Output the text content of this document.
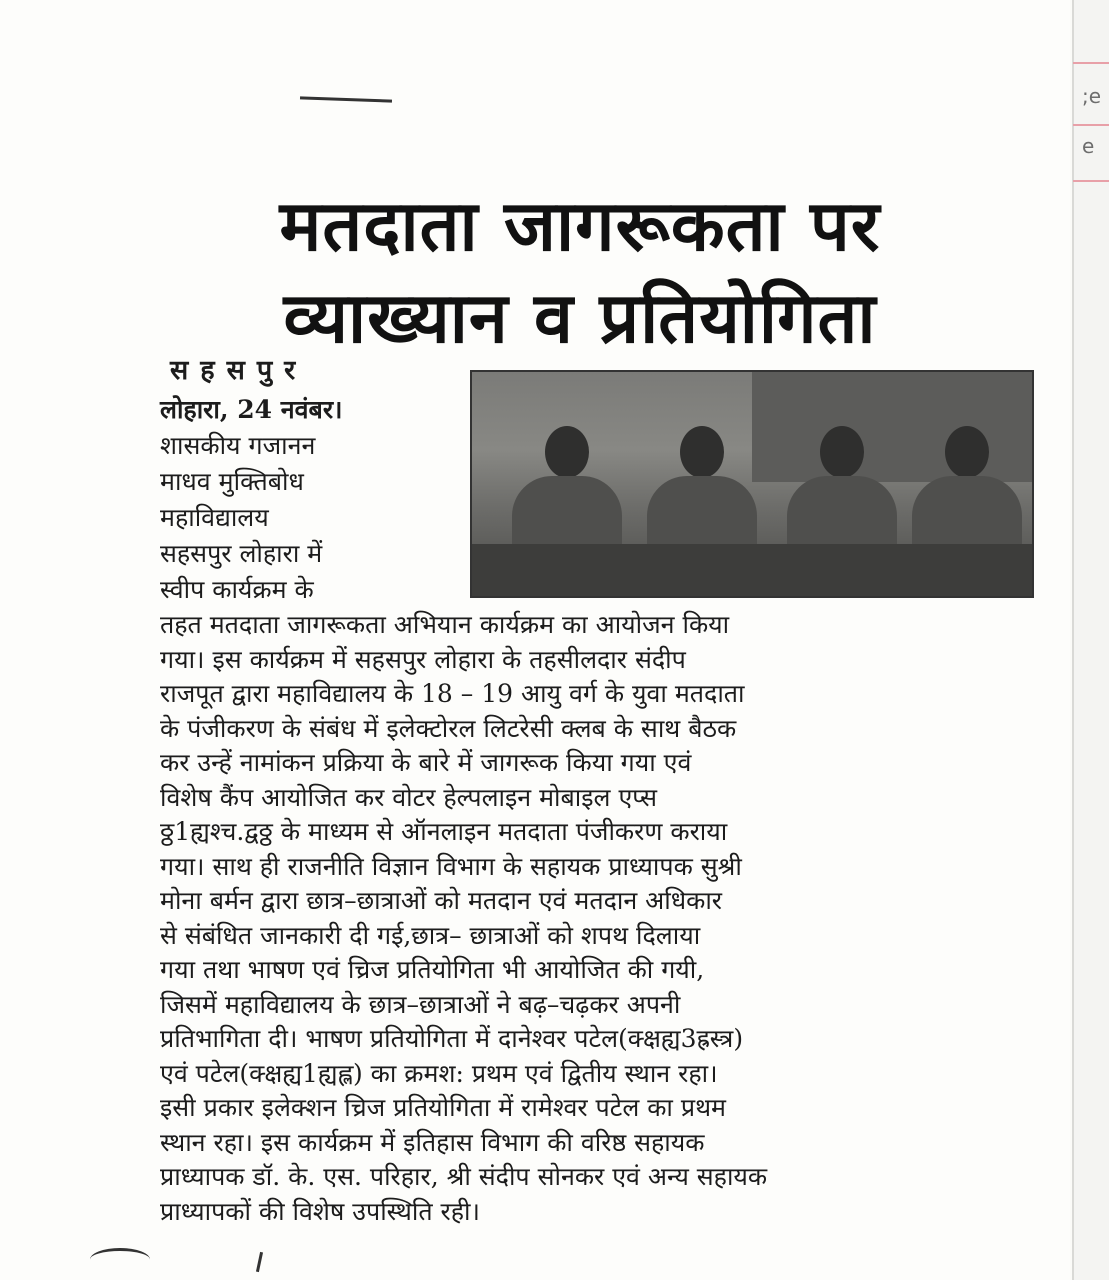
;e
e
मतदाता जागरूकता पर
व्याख्यान व प्रतियोगिता
सहसपुर
लोहारा, 24 नवंबर।
शासकीय गजानन
माधव मुक्तिबोध
महाविद्यालय
सहसपुर लोहारा में
स्वीप कार्यक्रम के
तहत मतदाता जागरूकता अभियान कार्यक्रम का आयोजन किया
गया। इस कार्यक्रम में सहसपुर लोहारा के तहसीलदार संदीप
राजपूत द्वारा महाविद्यालय के 18 – 19 आयु वर्ग के युवा मतदाता
के पंजीकरण के संबंध में इलेक्टोरल लिटरेसी क्लब के साथ बैठक
कर उन्हें नामांकन प्रक्रिया के बारे में जागरूक किया गया एवं
विशेष कैंप आयोजित कर वोटर हेल्पलाइन मोबाइल एप्स
ठ्ठ1ह्यश्च.द्वठ्ठ के माध्यम से ऑनलाइन मतदाता पंजीकरण कराया
गया। साथ ही राजनीति विज्ञान विभाग के सहायक प्राध्यापक सुश्री
मोना बर्मन द्वारा छात्र–छात्राओं को मतदान एवं मतदान अधिकार
से संबंधित जानकारी दी गई,छात्र– छात्राओं को शपथ दिलाया
गया तथा भाषण एवं च्रिज प्रतियोगिता भी आयोजित की गयी,
जिसमें महाविद्यालय के छात्र–छात्राओं ने बढ़–चढ़कर अपनी
प्रतिभागिता दी। भाषण प्रतियोगिता में दानेश्वर पटेल(क्क्षह्य3ह्रस्त्र)
एवं पटेल(क्क्षह्य1ह्यह्ल) का क्रमश: प्रथम एवं द्वितीय स्थान रहा।
इसी प्रकार इलेक्शन च्रिज प्रतियोगिता में रामेश्वर पटेल का प्रथम
स्थान रहा। इस कार्यक्रम में इतिहास विभाग की वरिष्ठ सहायक
प्राध्यापक डॉ. के. एस. परिहार, श्री संदीप सोनकर एवं अन्य सहायक
प्राध्यापकों की विशेष उपस्थिति रही।
